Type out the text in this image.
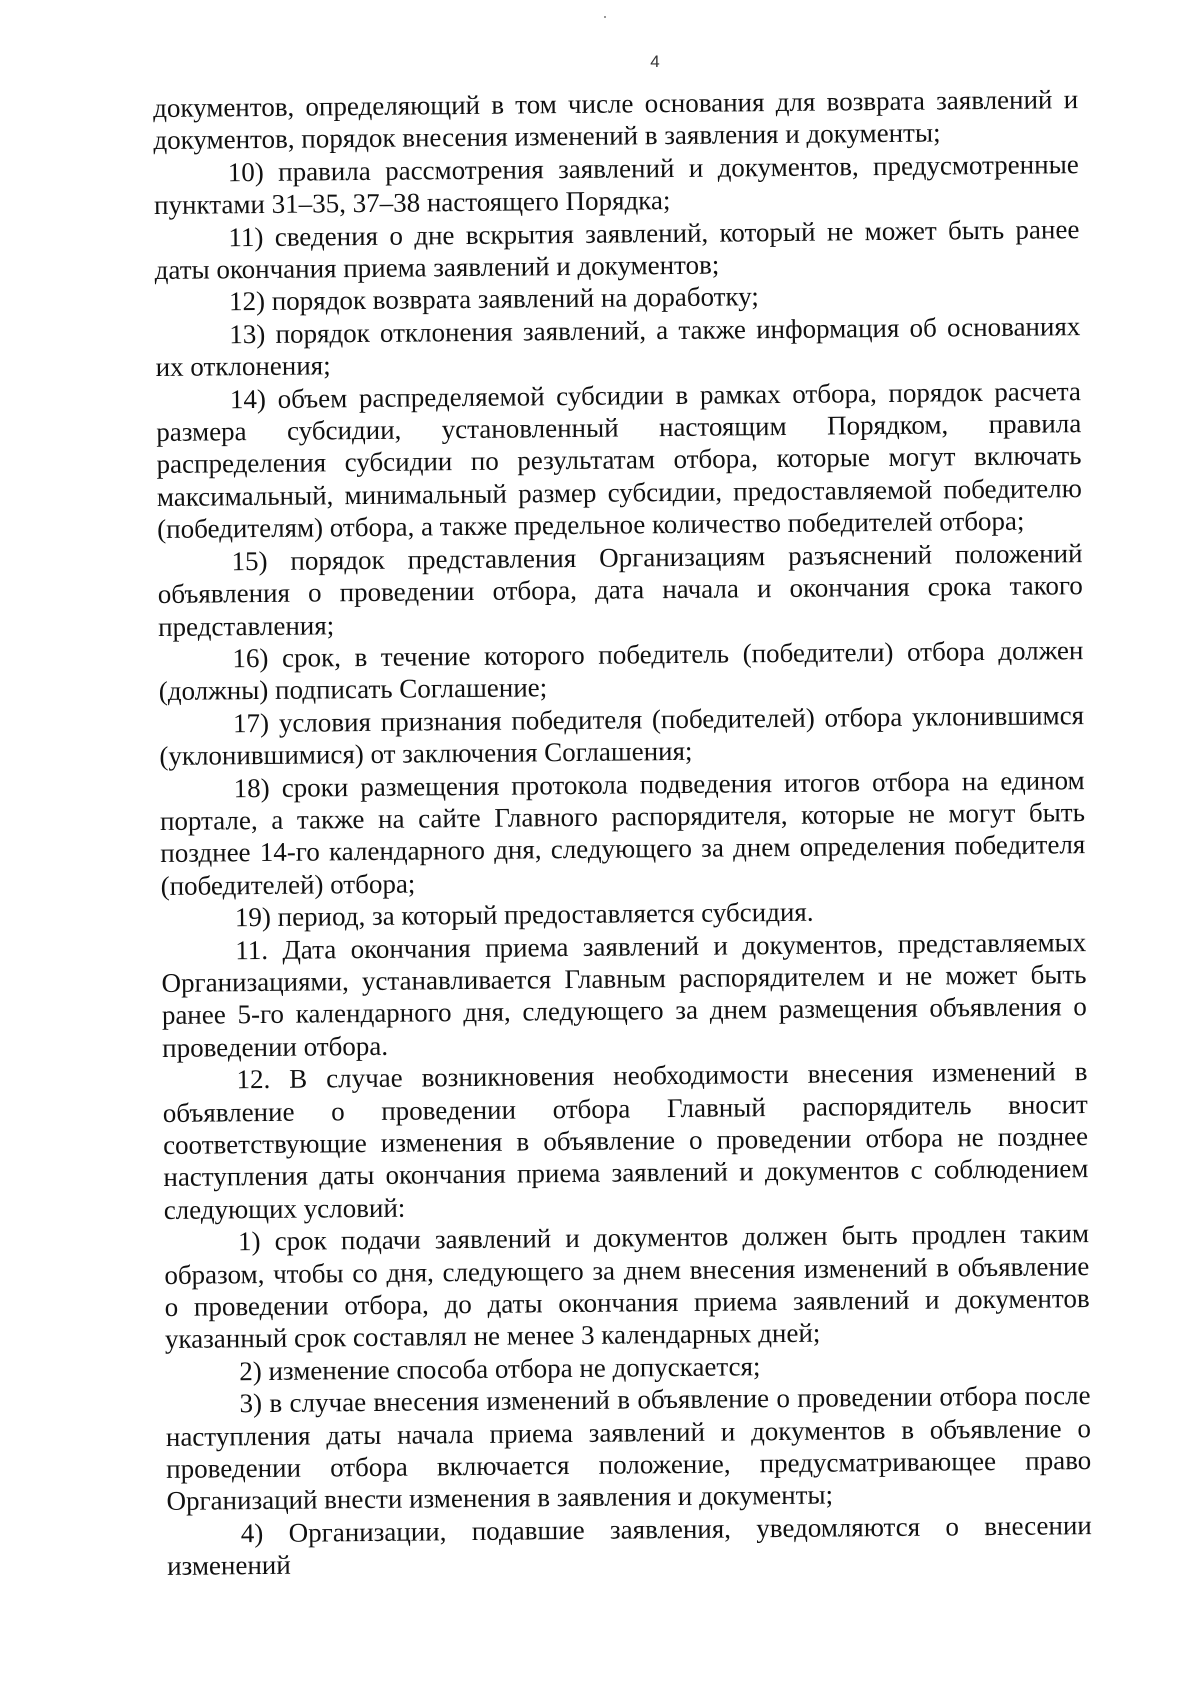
4

документов, определяющий в том числе основания для возврата заявлений и документов, порядок внесения изменений в заявления и документы;

10) правила рассмотрения заявлений и документов, предусмотренные пунктами 31–35, 37–38 настоящего Порядка;

11) сведения о дне вскрытия заявлений, который не может быть ранее даты окончания приема заявлений и документов;

12) порядок возврата заявлений на доработку;

13) порядок отклонения заявлений, а также информация об основаниях их отклонения;

14) объем распределяемой субсидии в рамках отбора, порядок расчета размера субсидии, установленный настоящим Порядком, правила распределения субсидии по результатам отбора, которые могут включать максимальный, минимальный размер субсидии, предоставляемой победителю (победителям) отбора, а также предельное количество победителей отбора;

15) порядок представления Организациям разъяснений положений объявления о проведении отбора, дата начала и окончания срока такого представления;

16) срок, в течение которого победитель (победители) отбора должен (должны) подписать Соглашение;

17) условия признания победителя (победителей) отбора уклонившимся (уклонившимися) от заключения Соглашения;

18) сроки размещения протокола подведения итогов отбора на едином портале, а также на сайте Главного распорядителя, которые не могут быть позднее 14-го календарного дня, следующего за днем определения победителя (победителей) отбора;

19) период, за который предоставляется субсидия.

11. Дата окончания приема заявлений и документов, представляемых Организациями, устанавливается Главным распорядителем и не может быть ранее 5-го календарного дня, следующего за днем размещения объявления о проведении отбора.

12. В случае возникновения необходимости внесения изменений в объявление о проведении отбора Главный распорядитель вносит соответствующие изменения в объявление о проведении отбора не позднее наступления даты окончания приема заявлений и документов с соблюдением следующих условий:

1) срок подачи заявлений и документов должен быть продлен таким образом, чтобы со дня, следующего за днем внесения изменений в объявление о проведении отбора, до даты окончания приема заявлений и документов указанный срок составлял не менее 3 календарных дней;

2) изменение способа отбора не допускается;

3) в случае внесения изменений в объявление о проведении отбора после наступления даты начала приема заявлений и документов в объявление о проведении отбора включается положение, предусматривающее право Организаций внести изменения в заявления и документы;

4) Организации, подавшие заявления, уведомляются о внесении изменений
